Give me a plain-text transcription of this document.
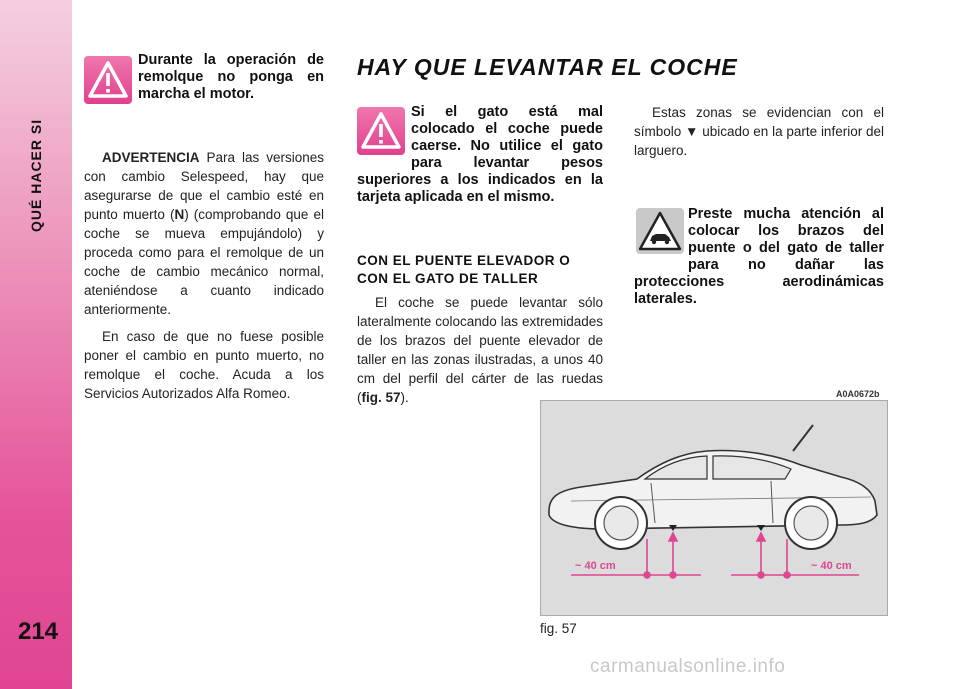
QUÉ HACER SI
214
Durante la operación de remolque no ponga en marcha el motor.

ADVERTENCIA Para las versiones con cambio Selespeed, hay que asegurarse de que el cambio esté en punto muerto (N) (comprobando que el coche se mueva empujándolo) y proceda como para el remolque de un coche de cambio mecánico normal, ateniéndose a cuanto indicado anteriormente.

En caso de que no fuese posible poner el cambio en punto muerto, no remolque el coche. Acuda a los Servicios Autorizados Alfa Romeo.

HAY QUE LEVANTAR EL COCHE
Si el gato está mal colocado el coche puede caerse. No utilice el gato para levantar pesos superiores a los indicados en la tarjeta aplicada en el mismo.
CON EL PUENTE ELEVADOR O CON EL GATO DE TALLER

El coche se puede levantar sólo lateralmente colocando las extremidades de los brazos del puente elevador de taller en las zonas ilustradas, a unos 40 cm del perfil del cárter de las ruedas (fig. 57).

Estas zonas se evidencian con el símbolo ▼ ubicado en la parte inferior del larguero.

Preste mucha atención al colocar los brazos del puente o del gato de taller para no dañar las protecciones aerodinámicas laterales.
A0A0672b
~ 40 cm	~ 40 cm
fig. 57
carmanualsonline.info
